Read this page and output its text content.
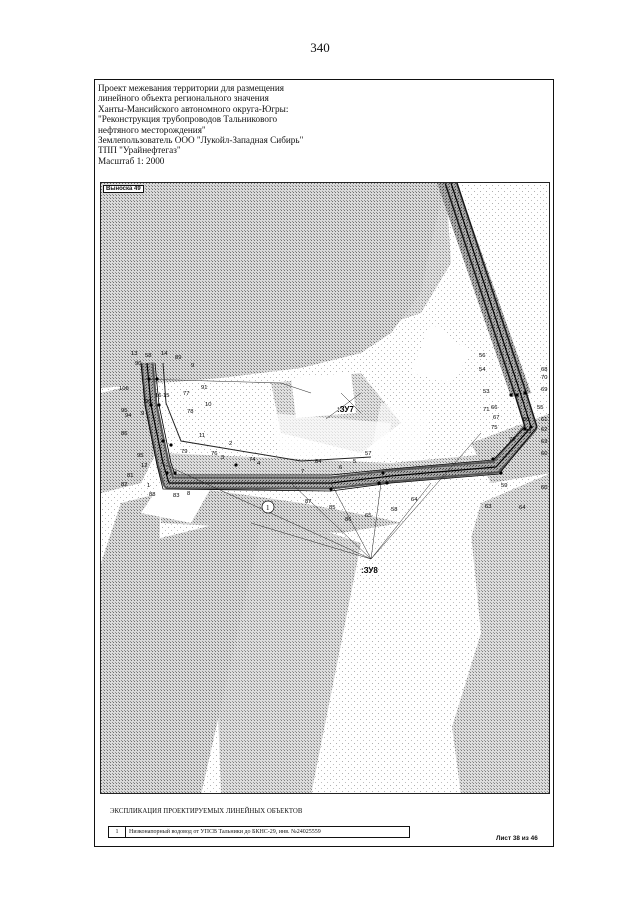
340
Проект межевания территории для размещения
линейного объекта регионального значения
Ханты-Мансийского автономного округа-Югры:
"Реконструкция трубопроводов Тальникового
нефтяного месторождения"
Землепользователь ООО "Лукойл-Западная Сибирь"
ТПП "Урайнефтегаз"
Масштаб 1: 2000
:ЗУ7
:ЗУ8
1
13	14
58	89
90	9
91
106
95
10
15
16	77
78
94
96
86	11
2
9
79
3
4
74
76
95
12
81
82	1
88	83 8
84
7
6
5
57
87
85
86
65
58
64
63	64
59	60
61
62
63
60
55
56
54
53
68
69
70
66
67
71
72
73
80
75
Выноска 49
ЭКСПЛИКАЦИЯ ПРОЕКТИРУЕМЫХ ЛИНЕЙНЫХ ОБЪЕКТОВ
1	Низконапорный водовод от УПСВ Тальники до БКНС-29, инв. №24025559
Лист 38 из 46
